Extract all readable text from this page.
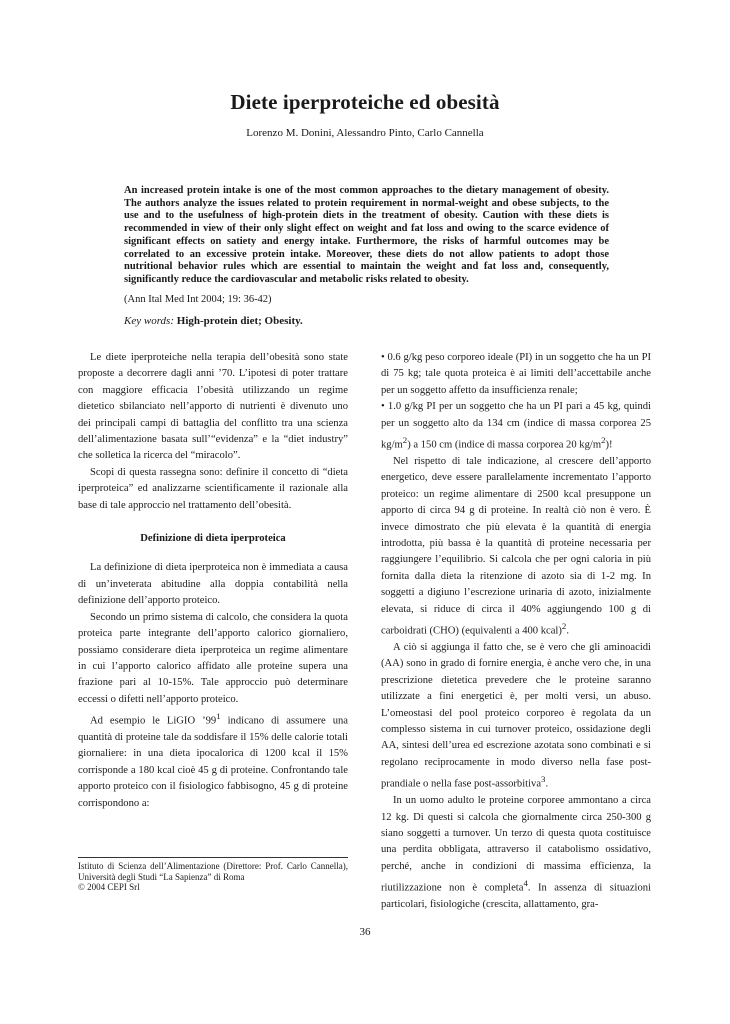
Diete iperproteiche ed obesità
Lorenzo M. Donini, Alessandro Pinto, Carlo Cannella

An increased protein intake is one of the most common approaches to the dietary management of obesity. The authors analyze the issues related to protein requirement in normal-weight and obese subjects, to the use and to the usefulness of high-protein diets in the treatment of obesity. Caution with these diets is recommended in view of their only slight effect on weight and fat loss and owing to the scarce evidence of significant effects on satiety and energy intake. Furthermore, the risks of harmful outcomes may be correlated to an excessive protein intake. Moreover, these diets do not allow patients to adopt those nutritional behavior rules which are essential to maintain the weight and fat loss and, consequently, significantly reduce the cardiovascular and metabolic risks related to obesity.

(Ann Ital Med Int 2004; 19: 36-42)
Key words: High-protein diet; Obesity.

Le diete iperproteiche nella terapia dell’obesità sono state proposte a decorrere dagli anni ’70. L’ipotesi di poter trattare con maggiore efficacia l’obesità utilizzando un regime dietetico sbilanciato nell’apporto di nutrienti è divenuto uno dei principali campi di battaglia del conflitto tra una scienza dell’alimentazione basata sull’“evidenza” e la “diet industry” che solletica la ricerca del “miracolo”.

Scopi di questa rassegna sono: definire il concetto di “dieta iperproteica” ed analizzarne scientificamente il razionale alla base di tale approccio nel trattamento dell’obesità.

Definizione di dieta iperproteica

La definizione di dieta iperproteica non è immediata a causa di un’inveterata abitudine alla doppia contabilità nella definizione dell’apporto proteico.

Secondo un primo sistema di calcolo, che considera la quota proteica parte integrante dell’apporto calorico giornaliero, possiamo considerare dieta iperproteica un regime alimentare in cui l’apporto calorico affidato alle proteine supera una frazione pari al 10-15%. Tale approccio può determinare eccessi o difetti nell’apporto proteico.

Ad esempio le LiGIO $’99^1$ indicano di assumere una quantità di proteine tale da soddisfare il 15% delle calorie totali giornaliere: in una dieta ipocalorica di 1200 kcal il 15% corrisponde a 180 kcal cioè 45 g di proteine. Confrontando tale apporto proteico con il fisiologico fabbisogno, 45 g di proteine corrispondono a:

• 0.6 g/kg peso corporeo ideale (PI) in un soggetto che ha un PI di 75 kg; tale quota proteica è ai limiti dell’accettabile anche per un soggetto affetto da insufficienza renale;

• 1.0 g/kg PI per un soggetto che ha un PI pari a 45 kg, quindi per un soggetto alto da 134 cm (indice di massa corporea 25 $kg/m^2$) a 150 cm (indice di massa corporea 20 $kg/m^2$)!

Nel rispetto di tale indicazione, al crescere dell’apporto energetico, deve essere parallelamente incrementato l’apporto proteico: un regime alimentare di 2500 kcal presuppone un apporto di circa 94 g di proteine. In realtà ciò non è vero. È invece dimostrato che più elevata è la quantità di energia introdotta, più bassa è la quantità di proteine necessaria per raggiungere l’equilibrio. Si calcola che per ogni caloria in più fornita dalla dieta la ritenzione di azoto sia di 1-2 mg. In soggetti a digiuno l’escrezione urinaria di azoto, inizialmente elevata, si riduce di circa il 40% aggiungendo 100 g di carboidrati (CHO) (equivalenti a 400 kcal)$^2$.

A ciò si aggiunga il fatto che, se è vero che gli aminoacidi (AA) sono in grado di fornire energia, è anche vero che, in una prescrizione dietetica prevedere che le proteine saranno utilizzate a fini energetici è, per molti versi, un abuso. L’omeostasi del pool proteico corporeo è regolata da un complesso sistema in cui turnover proteico, ossidazione degli AA, sintesi dell’urea ed escrezione azotata sono combinati e si regolano reciprocamente in modo diverso nella fase post-prandiale o nella fase post-assorbitiva$^3$.

In un uomo adulto le proteine corporee ammontano a circa 12 kg. Di questi si calcola che giornalmente circa 250-300 g siano soggetti a turnover. Un terzo di questa quota costituisce una perdita obbligata, attraverso il catabolismo ossidativo, perché, anche in condizioni di massima efficienza, la riutilizzazione non è completa$^4$. In assenza di situazioni particolari, fisiologiche (crescita, allattamento, gra-

Istituto di Scienza dell’Alimentazione (Direttore: Prof. Carlo Cannella), Università degli Studi “La Sapienza” di Roma
© 2004 CEPI Srl
36
